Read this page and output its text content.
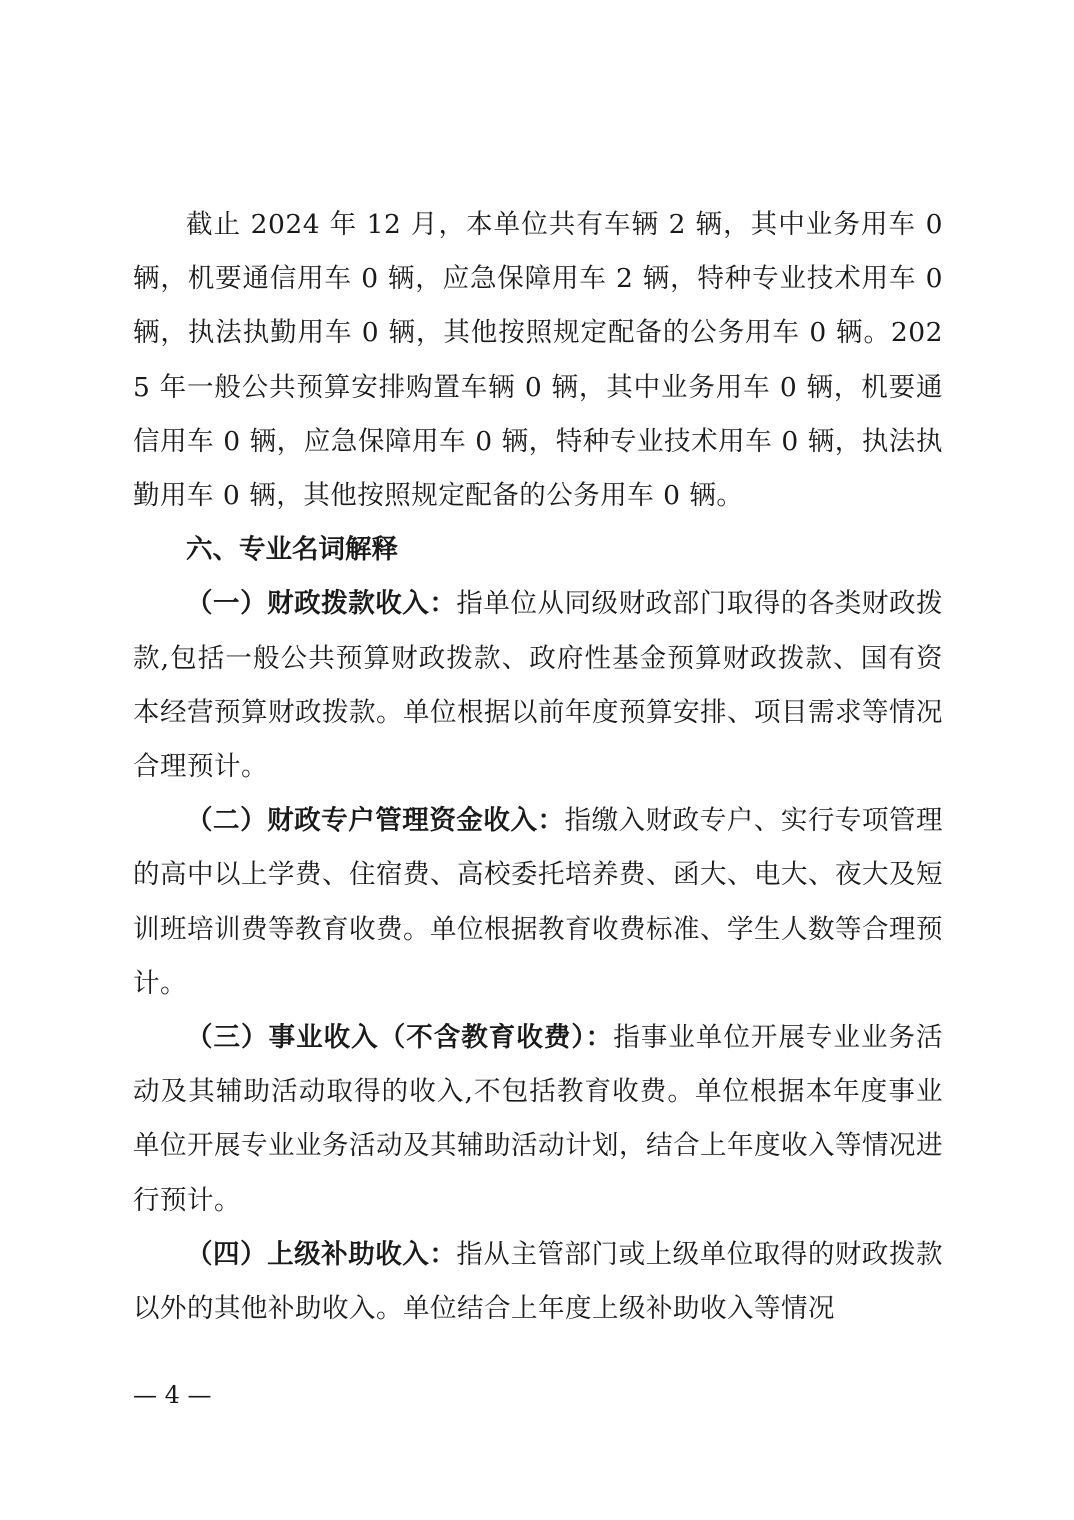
截止 2024 年 12 月，本单位共有车辆 2 辆，其中业务用车 0 辆，机要通信用车 0 辆，应急保障用车 2 辆，特种专业技术用车 0 辆，执法执勤用车 0 辆，其他按照规定配备的公务用车 0 辆。2025 年一般公共预算安排购置车辆 0 辆，其中业务用车 0 辆，机要通信用车 0 辆，应急保障用车 0 辆，特种专业技术用车 0 辆，执法执勤用车 0 辆，其他按照规定配备的公务用车 0 辆。

六、专业名词解释

（一）财政拨款收入：指单位从同级财政部门取得的各类财政拨款,包括一般公共预算财政拨款、政府性基金预算财政拨款、国有资本经营预算财政拨款。单位根据以前年度预算安排、项目需求等情况合理预计。

（二）财政专户管理资金收入：指缴入财政专户、实行专项管理的高中以上学费、住宿费、高校委托培养费、函大、电大、夜大及短训班培训费等教育收费。单位根据教育收费标准、学生人数等合理预计。

（三）事业收入（不含教育收费）：指事业单位开展专业业务活动及其辅助活动取得的收入,不包括教育收费。单位根据本年度事业单位开展专业业务活动及其辅助活动计划，结合上年度收入等情况进行预计。

（四）上级补助收入：指从主管部门或上级单位取得的财政拨款以外的其他补助收入。单位结合上年度上级补助收入等情况

— 4 —
